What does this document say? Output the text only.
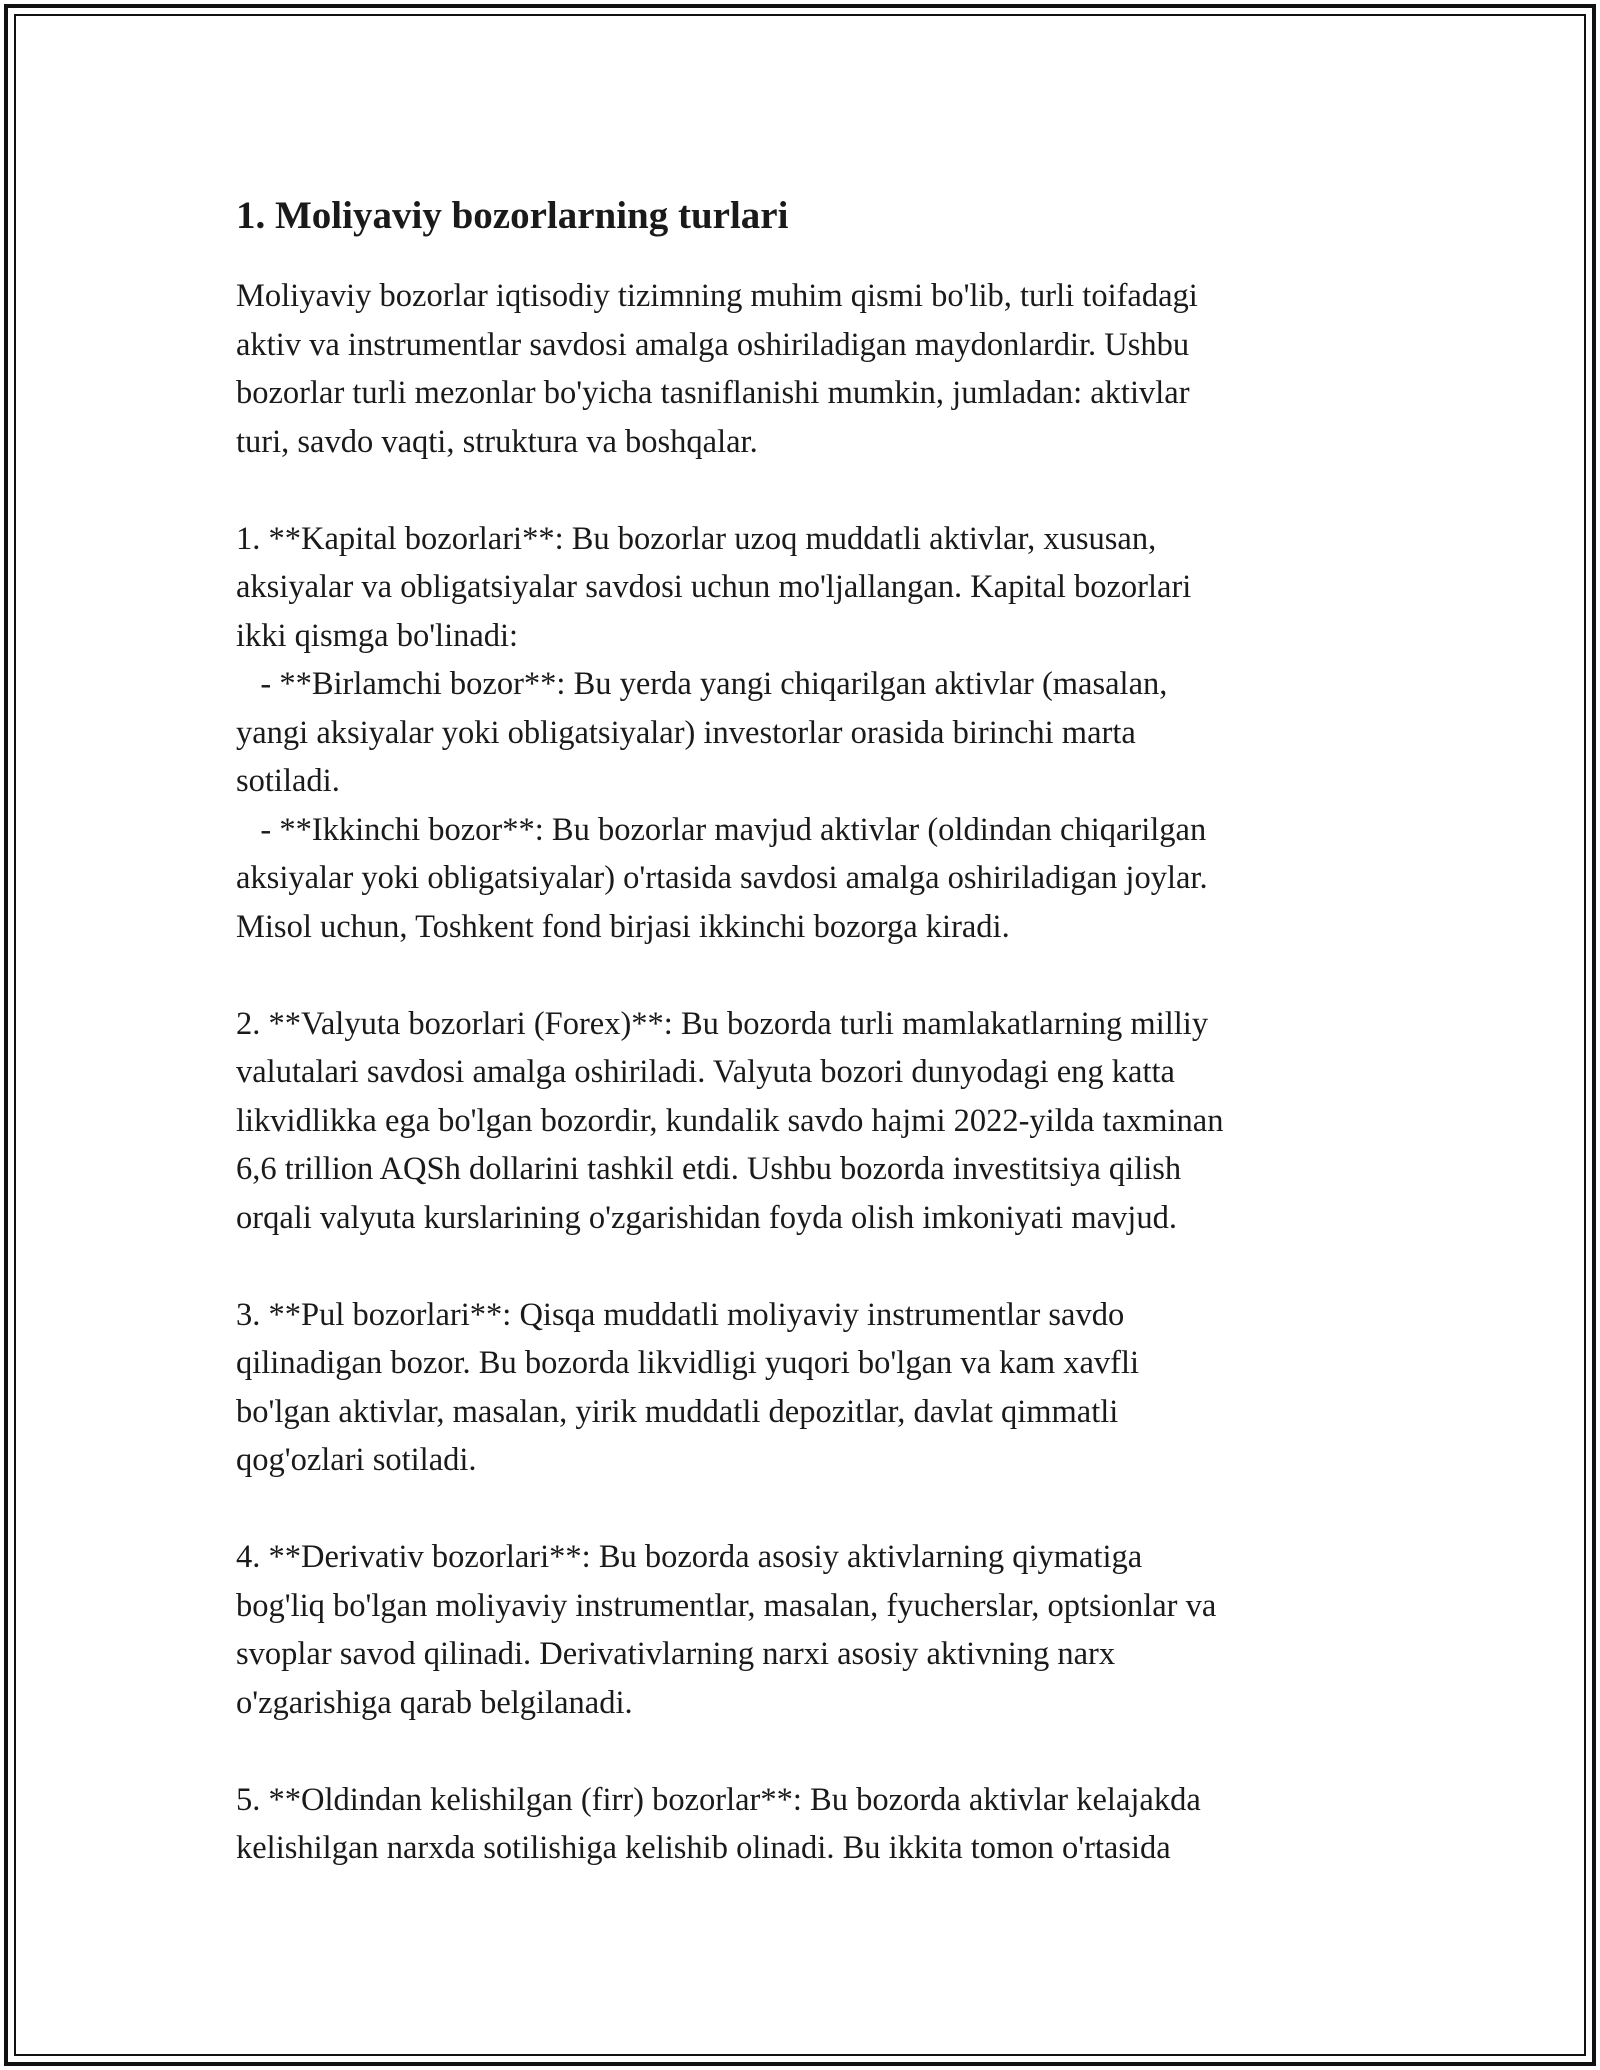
1. Moliyaviy bozorlarning turlari

Moliyaviy bozorlar iqtisodiy tizimning muhim qismi bo'lib, turli toifadagi
aktiv va instrumentlar savdosi amalga oshiriladigan maydonlardir. Ushbu
bozorlar turli mezonlar bo'yicha tasniflanishi mumkin, jumladan: aktivlar
turi, savdo vaqti, struktura va boshqalar.

1. **Kapital bozorlari**: Bu bozorlar uzoq muddatli aktivlar, xususan,
aksiyalar va obligatsiyalar savdosi uchun mo'ljallangan. Kapital bozorlari
ikki qismga bo'linadi:
- **Birlamchi bozor**: Bu yerda yangi chiqarilgan aktivlar (masalan,
yangi aksiyalar yoki obligatsiyalar) investorlar orasida birinchi marta
sotiladi.
- **Ikkinchi bozor**: Bu bozorlar mavjud aktivlar (oldindan chiqarilgan
aksiyalar yoki obligatsiyalar) o'rtasida savdosi amalga oshiriladigan joylar.
Misol uchun, Toshkent fond birjasi ikkinchi bozorga kiradi.

2. **Valyuta bozorlari (Forex)**: Bu bozorda turli mamlakatlarning milliy
valutalari savdosi amalga oshiriladi. Valyuta bozori dunyodagi eng katta
likvidlikka ega bo'lgan bozordir, kundalik savdo hajmi 2022-yilda taxminan
6,6 trillion AQSh dollarini tashkil etdi. Ushbu bozorda investitsiya qilish
orqali valyuta kurslarining o'zgarishidan foyda olish imkoniyati mavjud.

3. **Pul bozorlari**: Qisqa muddatli moliyaviy instrumentlar savdo
qilinadigan bozor. Bu bozorda likvidligi yuqori bo'lgan va kam xavfli
bo'lgan aktivlar, masalan, yirik muddatli depozitlar, davlat qimmatli
qog'ozlari sotiladi.

4. **Derivativ bozorlari**: Bu bozorda asosiy aktivlarning qiymatiga
bog'liq bo'lgan moliyaviy instrumentlar, masalan, fyucherslar, optsionlar va
svoplar savod qilinadi. Derivativlarning narxi asosiy aktivning narx
o'zgarishiga qarab belgilanadi.

5. **Oldindan kelishilgan (firr) bozorlar**: Bu bozorda aktivlar kelajakda
kelishilgan narxda sotilishiga kelishib olinadi. Bu ikkita tomon o'rtasida
